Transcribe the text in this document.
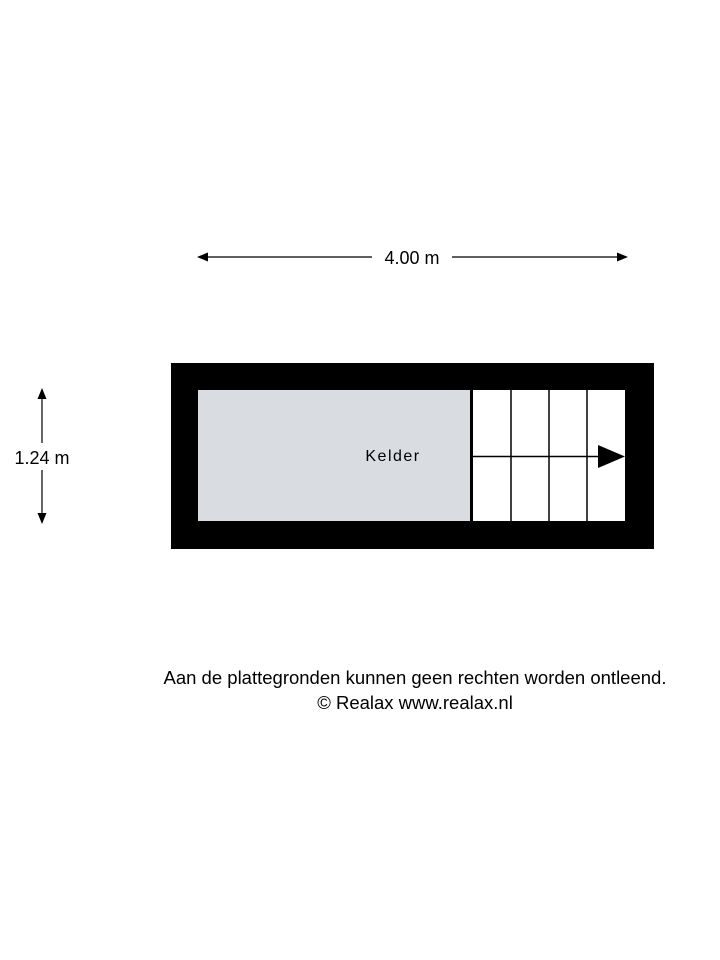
4.00 m
1.24 m	Kelder
Aan de plattegronden kunnen geen rechten worden ontleend.
© Realax www.realax.nl
